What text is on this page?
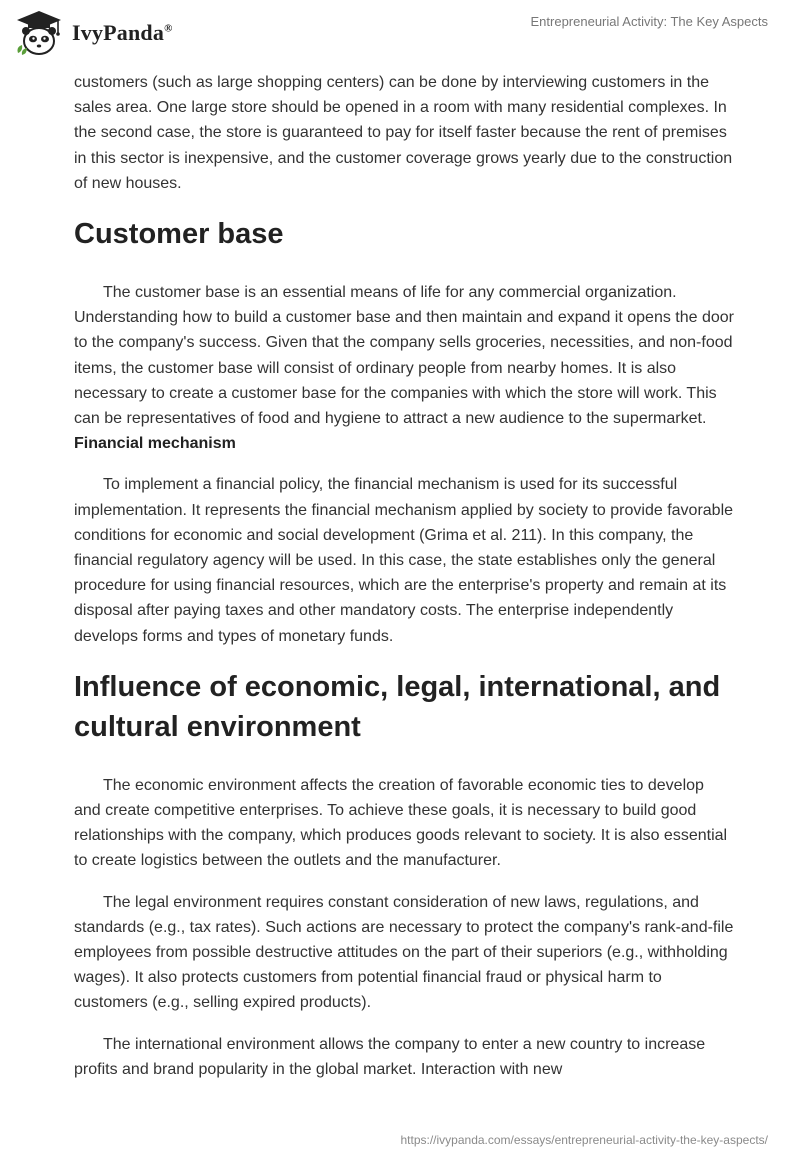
IvyPanda®	Entrepreneurial Activity: The Key Aspects

customers (such as large shopping centers) can be done by interviewing customers in the sales area. One large store should be opened in a room with many residential complexes. In the second case, the store is guaranteed to pay for itself faster because the rent of premises in this sector is inexpensive, and the customer coverage grows yearly due to the construction of new houses.

Customer base

The customer base is an essential means of life for any commercial organization. Understanding how to build a customer base and then maintain and expand it opens the door to the company's success. Given that the company sells groceries, necessities, and non-food items, the customer base will consist of ordinary people from nearby homes. It is also necessary to create a customer base for the companies with which the store will work. This can be representatives of food and hygiene to attract a new audience to the supermarket. Financial mechanism

To implement a financial policy, the financial mechanism is used for its successful implementation. It represents the financial mechanism applied by society to provide favorable conditions for economic and social development (Grima et al. 211). In this company, the financial regulatory agency will be used. In this case, the state establishes only the general procedure for using financial resources, which are the enterprise's property and remain at its disposal after paying taxes and other mandatory costs. The enterprise independently develops forms and types of monetary funds.

Influence of economic, legal, international, and cultural environment

The economic environment affects the creation of favorable economic ties to develop and create competitive enterprises. To achieve these goals, it is necessary to build good relationships with the company, which produces goods relevant to society. It is also essential to create logistics between the outlets and the manufacturer.

The legal environment requires constant consideration of new laws, regulations, and standards (e.g., tax rates). Such actions are necessary to protect the company's rank-and-file employees from possible destructive attitudes on the part of their superiors (e.g., withholding wages). It also protects customers from potential financial fraud or physical harm to customers (e.g., selling expired products).

The international environment allows the company to enter a new country to increase profits and brand popularity in the global market. Interaction with new

https://ivypanda.com/essays/entrepreneurial-activity-the-key-aspects/
